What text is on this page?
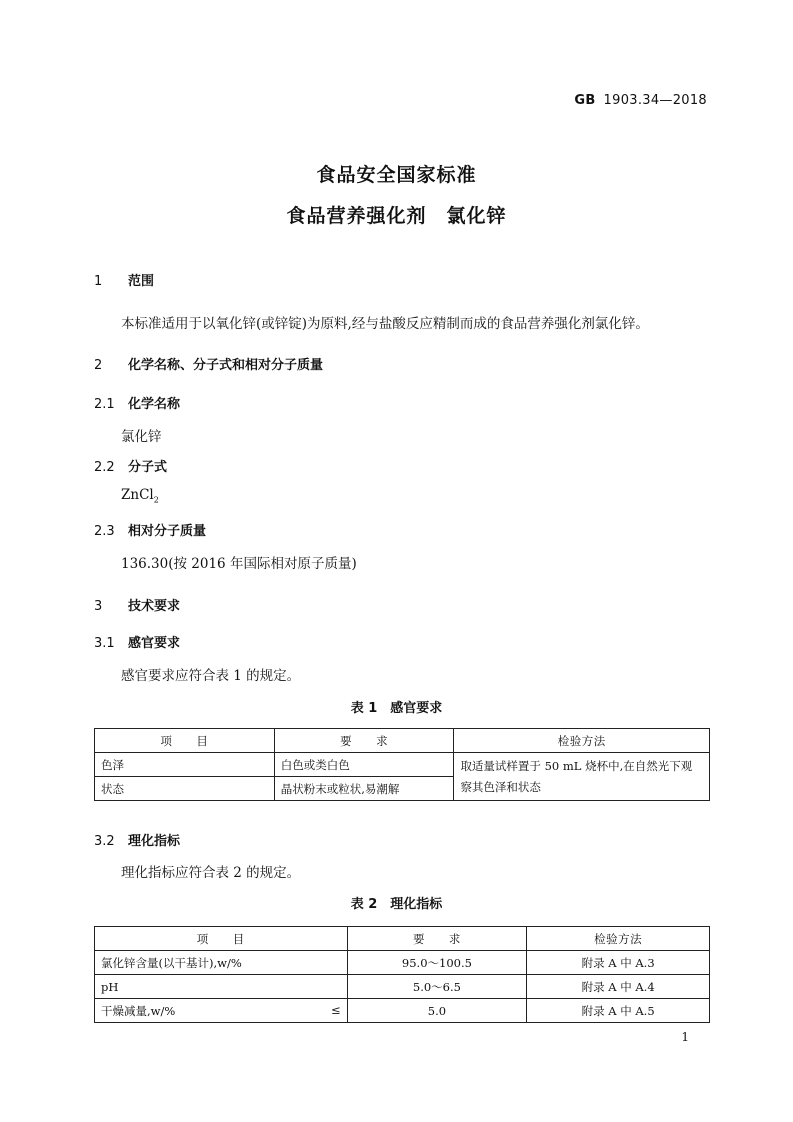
GB 1903.34—2018
食品安全国家标准
食品营养强化剂　氯化锌
1 范围
本标准适用于以氧化锌(或锌锭)为原料,经与盐酸反应精制而成的食品营养强化剂氯化锌。
2 化学名称、分子式和相对分子质量
2.1 化学名称
氯化锌
2.2 分子式
ZnCl$_2$
2.3 相对分子质量
136.30(按 2016 年国际相对原子质量)
3 技术要求
3.1 感官要求
感官要求应符合表 1 的规定。
表 1　感官要求
项　　目	要　　求	检验方法
色泽	白色或类白色	取适量试样置于 50 mL 烧杯中,在自然光下观察其色泽和状态
状态	晶状粉末或粒状,易潮解	
3.2 理化指标
理化指标应符合表 2 的规定。
表 2　理化指标
项　　目	要　　求	检验方法
氯化锌含量(以干基计),w/%	95.0～100.5	附录 A 中 A.3
pH	5.0～6.5	附录 A 中 A.4
干燥减量,w/% ≤	5.0	附录 A 中 A.5
1
